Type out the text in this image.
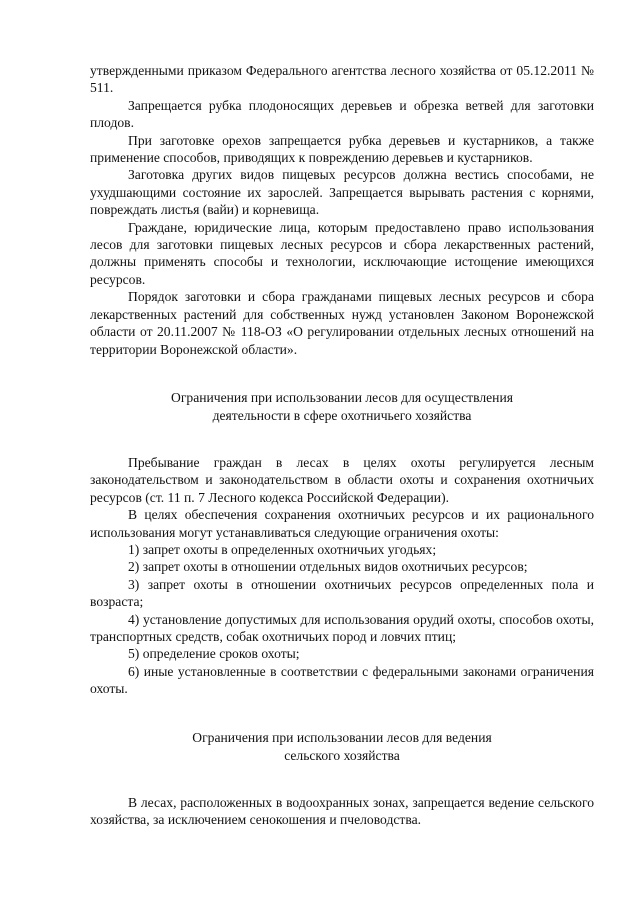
утвержденными приказом Федерального агентства лесного хозяйства от 05.12.2011 № 511.

Запрещается рубка плодоносящих деревьев и обрезка ветвей для заготовки плодов.

При заготовке орехов запрещается рубка деревьев и кустарников, а также применение способов, приводящих к повреждению деревьев и кустарников.

Заготовка других видов пищевых ресурсов должна вестись способами, не ухудшающими состояние их зарослей. Запрещается вырывать растения с корнями, повреждать листья (вайи) и корневища.

Граждане, юридические лица, которым предоставлено право использования лесов для заготовки пищевых лесных ресурсов и сбора лекарственных растений, должны применять способы и технологии, исключающие истощение имеющихся ресурсов.

Порядок заготовки и сбора гражданами пищевых лесных ресурсов и сбора лекарственных растений для собственных нужд установлен Законом Воронежской области от 20.11.2007 № 118-ОЗ «О регулировании отдельных лесных отношений на территории Воронежской области».

Ограничения при использовании лесов для осуществления

деятельности в сфере охотничьего хозяйства

Пребывание граждан в лесах в целях охоты регулируется лесным законодательством и законодательством в области охоты и сохранения охотничьих ресурсов (ст. 11 п. 7 Лесного кодекса Российской Федерации).

В целях обеспечения сохранения охотничьих ресурсов и их рационального использования могут устанавливаться следующие ограничения охоты:

1) запрет охоты в определенных охотничьих угодьях;

2) запрет охоты в отношении отдельных видов охотничьих ресурсов;

3) запрет охоты в отношении охотничьих ресурсов определенных пола и возраста;

4) установление допустимых для использования орудий охоты, способов охоты, транспортных средств, собак охотничьих пород и ловчих птиц;

5) определение сроков охоты;

6) иные установленные в соответствии с федеральными законами ограничения охоты.

Ограничения при использовании лесов для ведения

сельского хозяйства

В лесах, расположенных в водоохранных зонах, запрещается ведение сельского хозяйства, за исключением сенокошения и пчеловодства.
